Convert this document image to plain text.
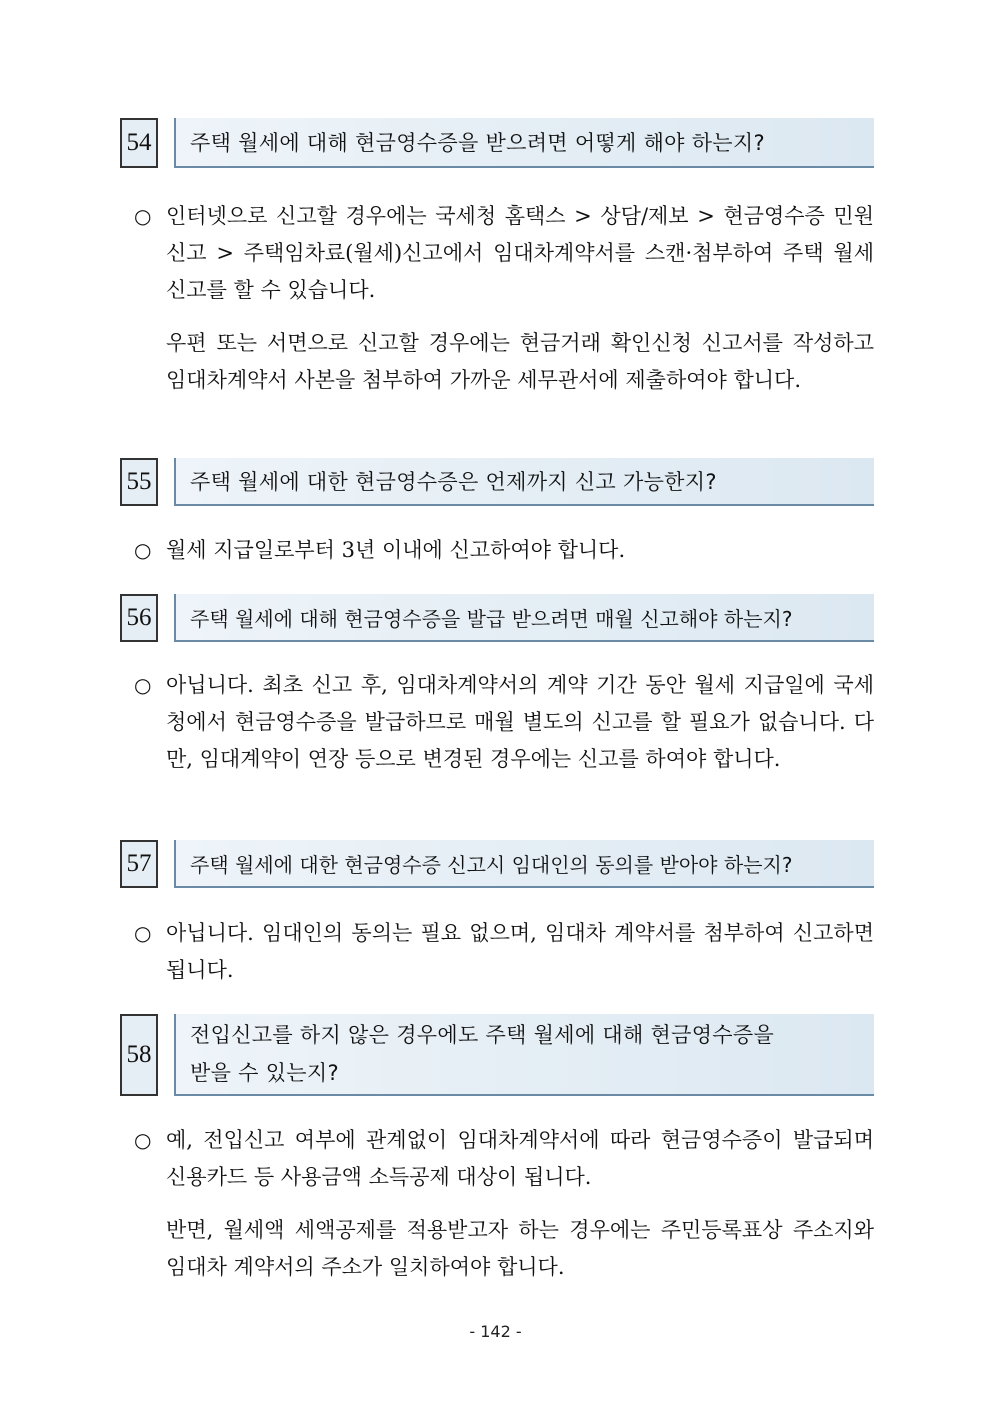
54	주택 월세에 대해 현금영수증을 받으려면 어떻게 해야 하는지?
○ 인터넷으로 신고할 경우에는 국세청 홈택스 > 상담/제보 > 현금영수증 민원신고 > 주택임차료(월세)신고에서 임대차계약서를 스캔·첨부하여 주택 월세 신고를 할 수 있습니다.
우편 또는 서면으로 신고할 경우에는 현금거래 확인신청 신고서를 작성하고 임대차계약서 사본을 첨부하여 가까운 세무관서에 제출하여야 합니다.
55	주택 월세에 대한 현금영수증은 언제까지 신고 가능한지?
○ 월세 지급일로부터 3년 이내에 신고하여야 합니다.
56	주택 월세에 대해 현금영수증을 발급 받으려면 매월 신고해야 하는지?
○ 아닙니다. 최초 신고 후, 임대차계약서의 계약 기간 동안 월세 지급일에 국세청에서 현금영수증을 발급하므로 매월 별도의 신고를 할 필요가 없습니다. 다만, 임대계약이 연장 등으로 변경된 경우에는 신고를 하여야 합니다.
57	주택 월세에 대한 현금영수증 신고시 임대인의 동의를 받아야 하는지?
○ 아닙니다. 임대인의 동의는 필요 없으며, 임대차 계약서를 첨부하여 신고하면 됩니다.
58
전입신고를 하지 않은 경우에도 주택 월세에 대해 현금영수증을
받을 수 있는지?
○ 예, 전입신고 여부에 관계없이 임대차계약서에 따라 현금영수증이 발급되며 신용카드 등 사용금액 소득공제 대상이 됩니다.
반면, 월세액 세액공제를 적용받고자 하는 경우에는 주민등록표상 주소지와 임대차 계약서의 주소가 일치하여야 합니다.
- 142 -
